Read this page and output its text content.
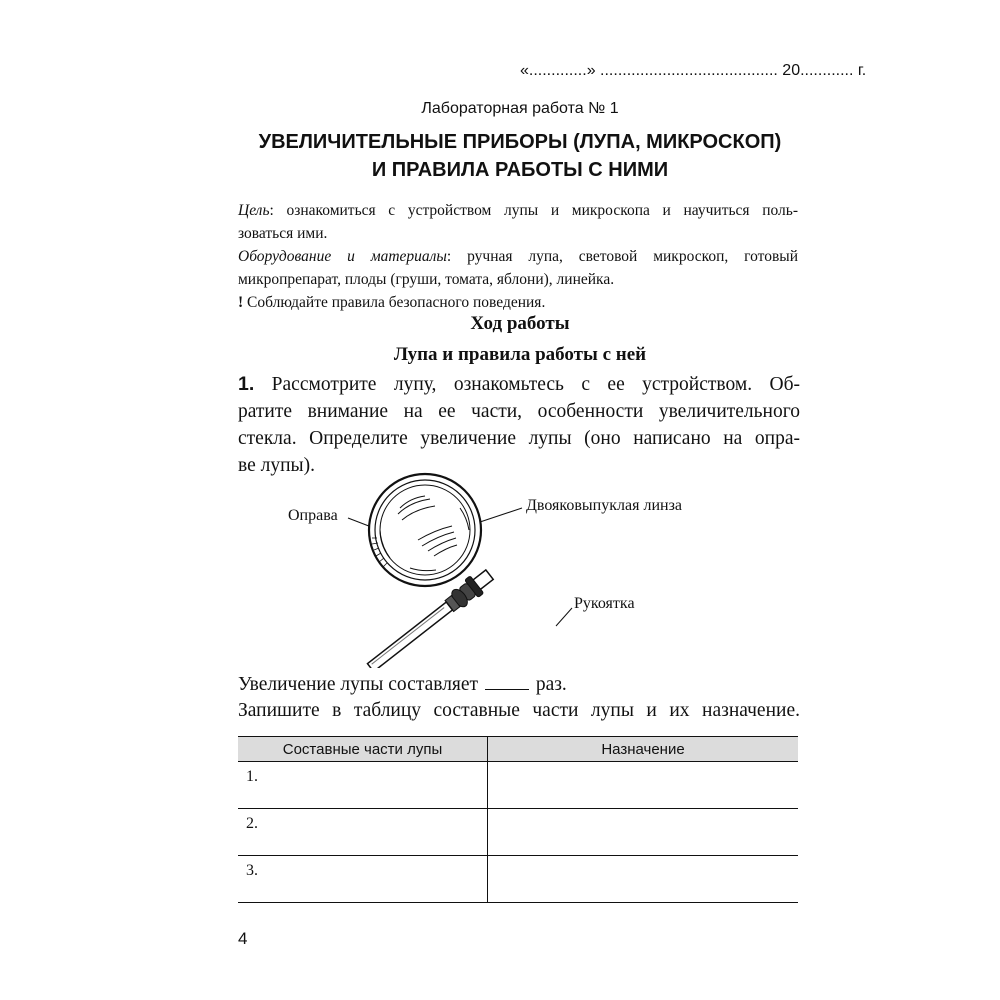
«.............» ........................................ 20............ г.
Лабораторная работа № 1
УВЕЛИЧИТЕЛЬНЫЕ ПРИБОРЫ (ЛУПА, МИКРОСКОП)
И ПРАВИЛА РАБОТЫ С НИМИ
Цель: ознакомиться с устройством лупы и микроскопа и научиться поль-
зоваться ими.
Оборудование и материалы: ручная лупа, световой микроскоп, готовый
микропрепарат, плоды (груши, томата, яблони), линейка.
! Соблюдайте правила безопасного поведения.
Ход работы
Лупа и правила работы с ней
1. Рассмотрите лупу, ознакомьтесь с ее устройством. Об-
ратите внимание на ее части, особенности увеличительного
стекла. Определите увеличение лупы (оно написано на опра-
ве лупы).
Оправа
Двояковыпуклая линза
Рукоятка
Увеличение лупы составляет  раз.
Запишите в таблицу составные части лупы и их назначение.
Составные части лупы	Назначение
1.	
2.	
3.	
4
